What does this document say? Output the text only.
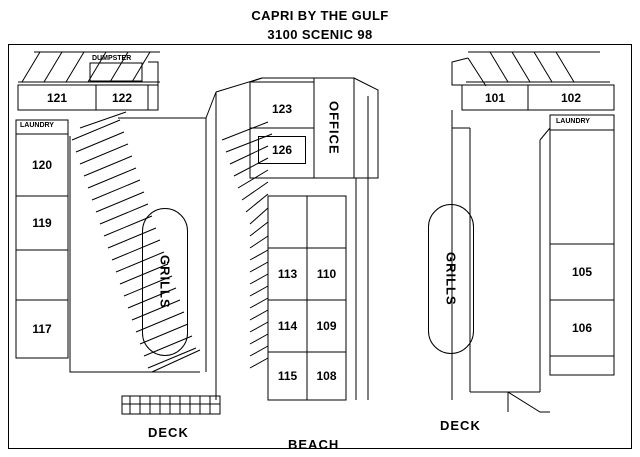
CAPRI BY THE GULF
3100 SCENIC 98
DUMPSTER
121	122
LAUNDRY
120
119
117
GRILLS
123
126	OFFICE
113	110
114	109
115	108
101	102
LAUNDRY
105
106
GRILLS
DECK
BEACH
DECK
